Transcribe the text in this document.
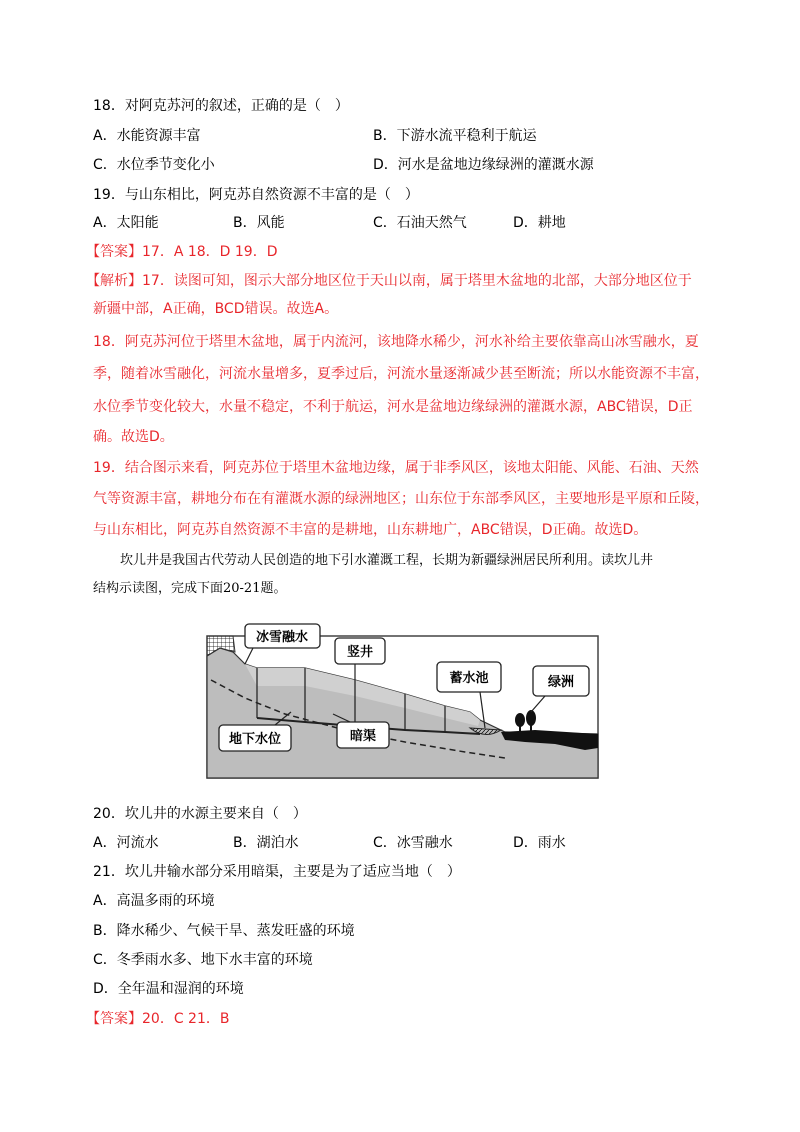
18．对阿克苏河的叙述，正确的是（　）
A．水能资源丰富	B．下游水流平稳利于航运
C．水位季节变化小	D．河水是盆地边缘绿洲的灌溉水源
19．与山东相比，阿克苏自然资源不丰富的是（　）
A．太阳能	B．风能	C．石油天然气	D．耕地
【答案】17．A 18．D 19．D
【解析】17．读图可知，图示大部分地区位于天山以南，属于塔里木盆地的北部，大部分地区位于
新疆中部，A正确，BCD错误。故选A。
18．阿克苏河位于塔里木盆地，属于内流河，该地降水稀少，河水补给主要依靠高山冰雪融水，夏
季，随着冰雪融化，河流水量增多，夏季过后，河流水量逐渐减少甚至断流；所以水能资源不丰富，
水位季节变化较大，水量不稳定，不利于航运，河水是盆地边缘绿洲的灌溉水源，ABC错误，D正
确。故选D。
19．结合图示来看，阿克苏位于塔里木盆地边缘，属于非季风区，该地太阳能、风能、石油、天然
气等资源丰富，耕地分布在有灌溉水源的绿洲地区；山东位于东部季风区，主要地形是平原和丘陵，
与山东相比，阿克苏自然资源不丰富的是耕地，山东耕地广，ABC错误，D正确。故选D。
坎儿井是我国古代劳动人民创造的地下引水灌溉工程，长期为新疆绿洲居民所利用。读坎儿井
结构示读图，完成下面20-21题。
冰雪融水
竖井
蓄水池	绿洲
地下水位	暗渠
20．坎儿井的水源主要来自（　）
A．河流水	B．湖泊水	C．冰雪融水	D．雨水
21．坎儿井输水部分采用暗渠，主要是为了适应当地（　）
A．高温多雨的环境
B．降水稀少、气候干旱、蒸发旺盛的环境
C．冬季雨水多、地下水丰富的环境
D．全年温和湿润的环境
【答案】20．C 21．B
